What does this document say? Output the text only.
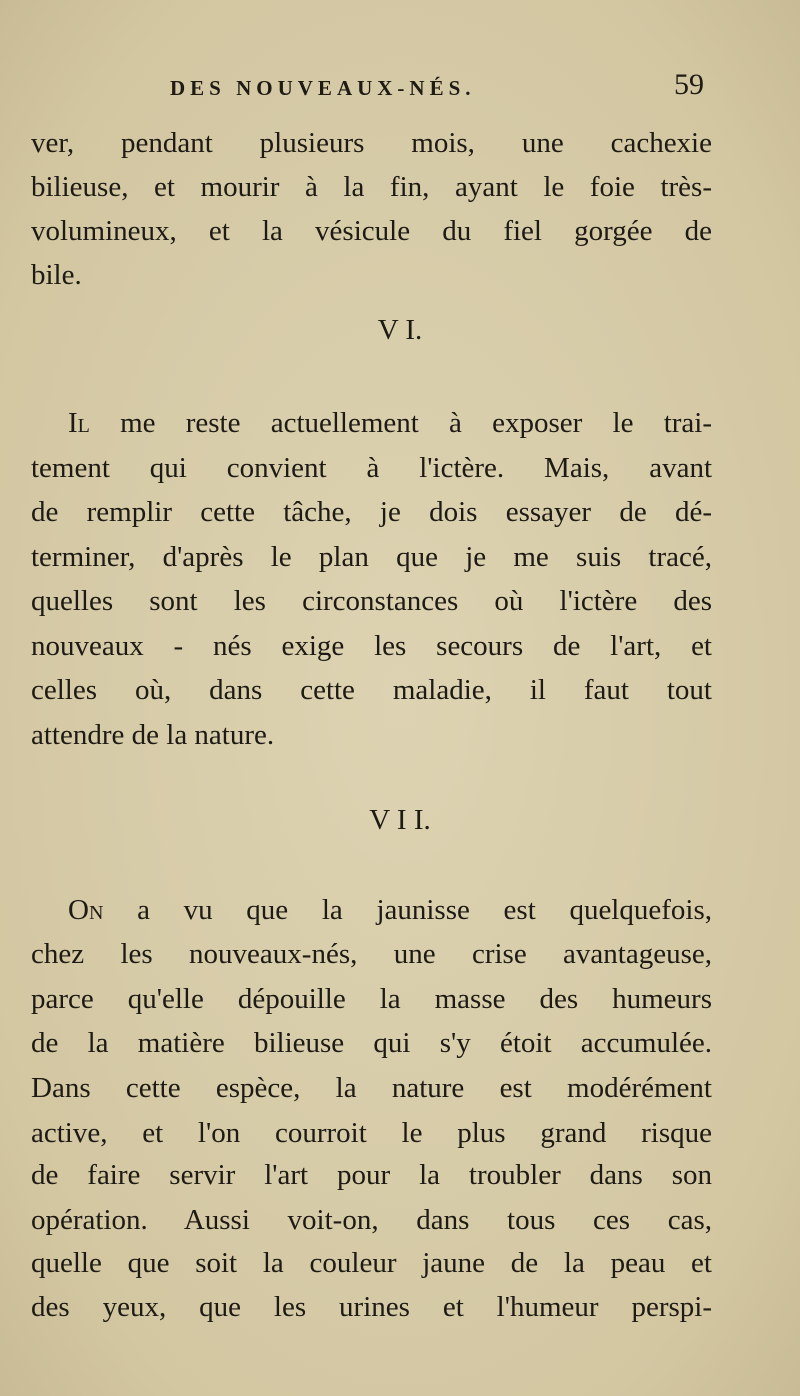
DES NOUVEAUX-NÉS.	59
ver, pendant plusieurs mois, une cachexie
bilieuse, et mourir à la fin, ayant le foie très-
volumineux, et la vésicule du fiel gorgée de
bile.
V I.
Il me reste actuellement à exposer le trai-
tement qui convient à l'ictère. Mais, avant
de remplir cette tâche, je dois essayer de dé-
terminer, d'après le plan que je me suis tracé,
quelles sont les circonstances où l'ictère des
nouveaux - nés exige les secours de l'art, et
celles où, dans cette maladie, il faut tout
attendre de la nature.
V I I.
On a vu que la jaunisse est quelquefois,
chez les nouveaux-nés, une crise avantageuse,
parce qu'elle dépouille la masse des humeurs
de la matière bilieuse qui s'y étoit accumulée.
Dans cette espèce, la nature est modérément
active, et l'on courroit le plus grand risque
de faire servir l'art pour la troubler dans son
opération. Aussi voit-on, dans tous ces cas,
quelle que soit la couleur jaune de la peau et
des yeux, que les urines et l'humeur perspi-
